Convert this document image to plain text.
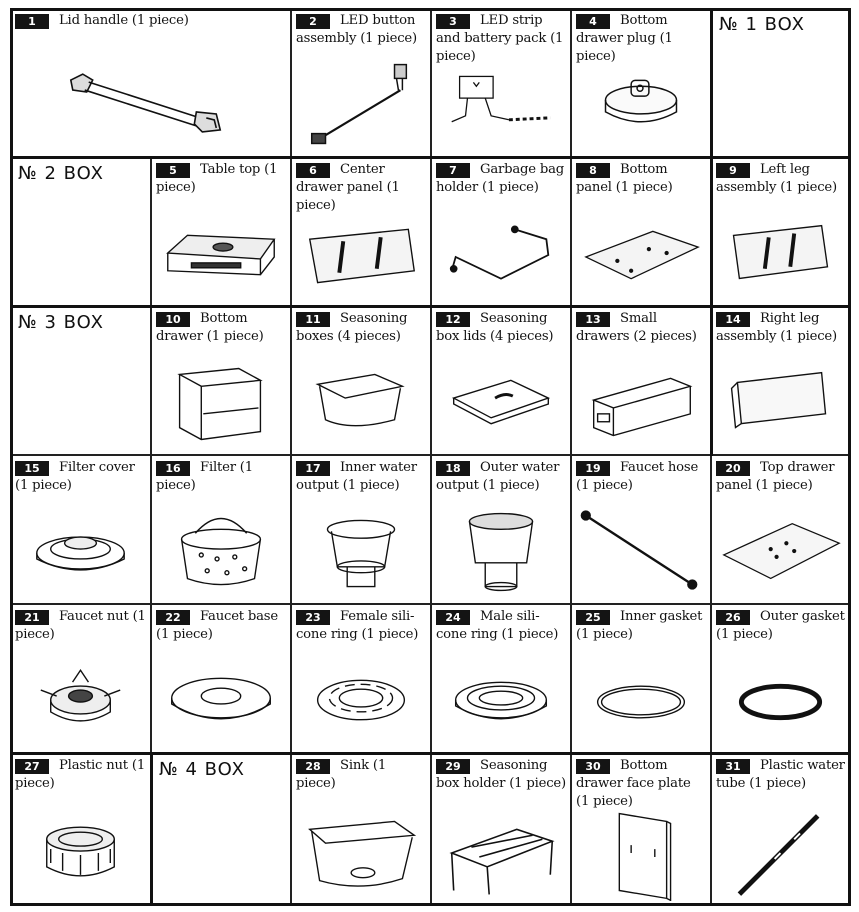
1	Lid handle (1 piece)	2	LED button assembly (1 piece)
3	LED strip and battery pack (1 piece)
4	Bottom drawer plug (1 piece)
№ 1 BOX
№ 2 BOX	5	Table top (1 piece)
6	Center drawer panel (1 piece)
7	Garbage bag holder (1 piece)
8	Bottom panel (1 piece)
9	Left leg assembly (1 piece)
№ 3 BOX	10	Bottom drawer (1 piece)
11	Seasoning boxes (4 pieces)
12	Seasoning box lids (4 pieces)
13	Small drawers (2 pieces)
14	Right leg assembly (1 piece)
15	Filter cover (1 piece)
16	Filter (1 piece)
17	Inner water output (1 piece)
18	Outer water output (1 piece)
19	Faucet hose (1 piece)
20	Top drawer panel (1 piece)
21	Faucet nut (1 piece)
22	Faucet base (1 piece)
23	Female sili- cone ring (1 piece)
24	Male sili- cone ring (1 piece)
25	Inner gasket (1 piece)
26	Outer gasket (1 piece)
27	Plastic nut (1 piece)
№ 4 BOX	28	Sink (1 piece)
29	Seasoning box holder (1 piece)
30	Bottom drawer face plate (1 piece)
31	Plastic water tube (1 piece)
